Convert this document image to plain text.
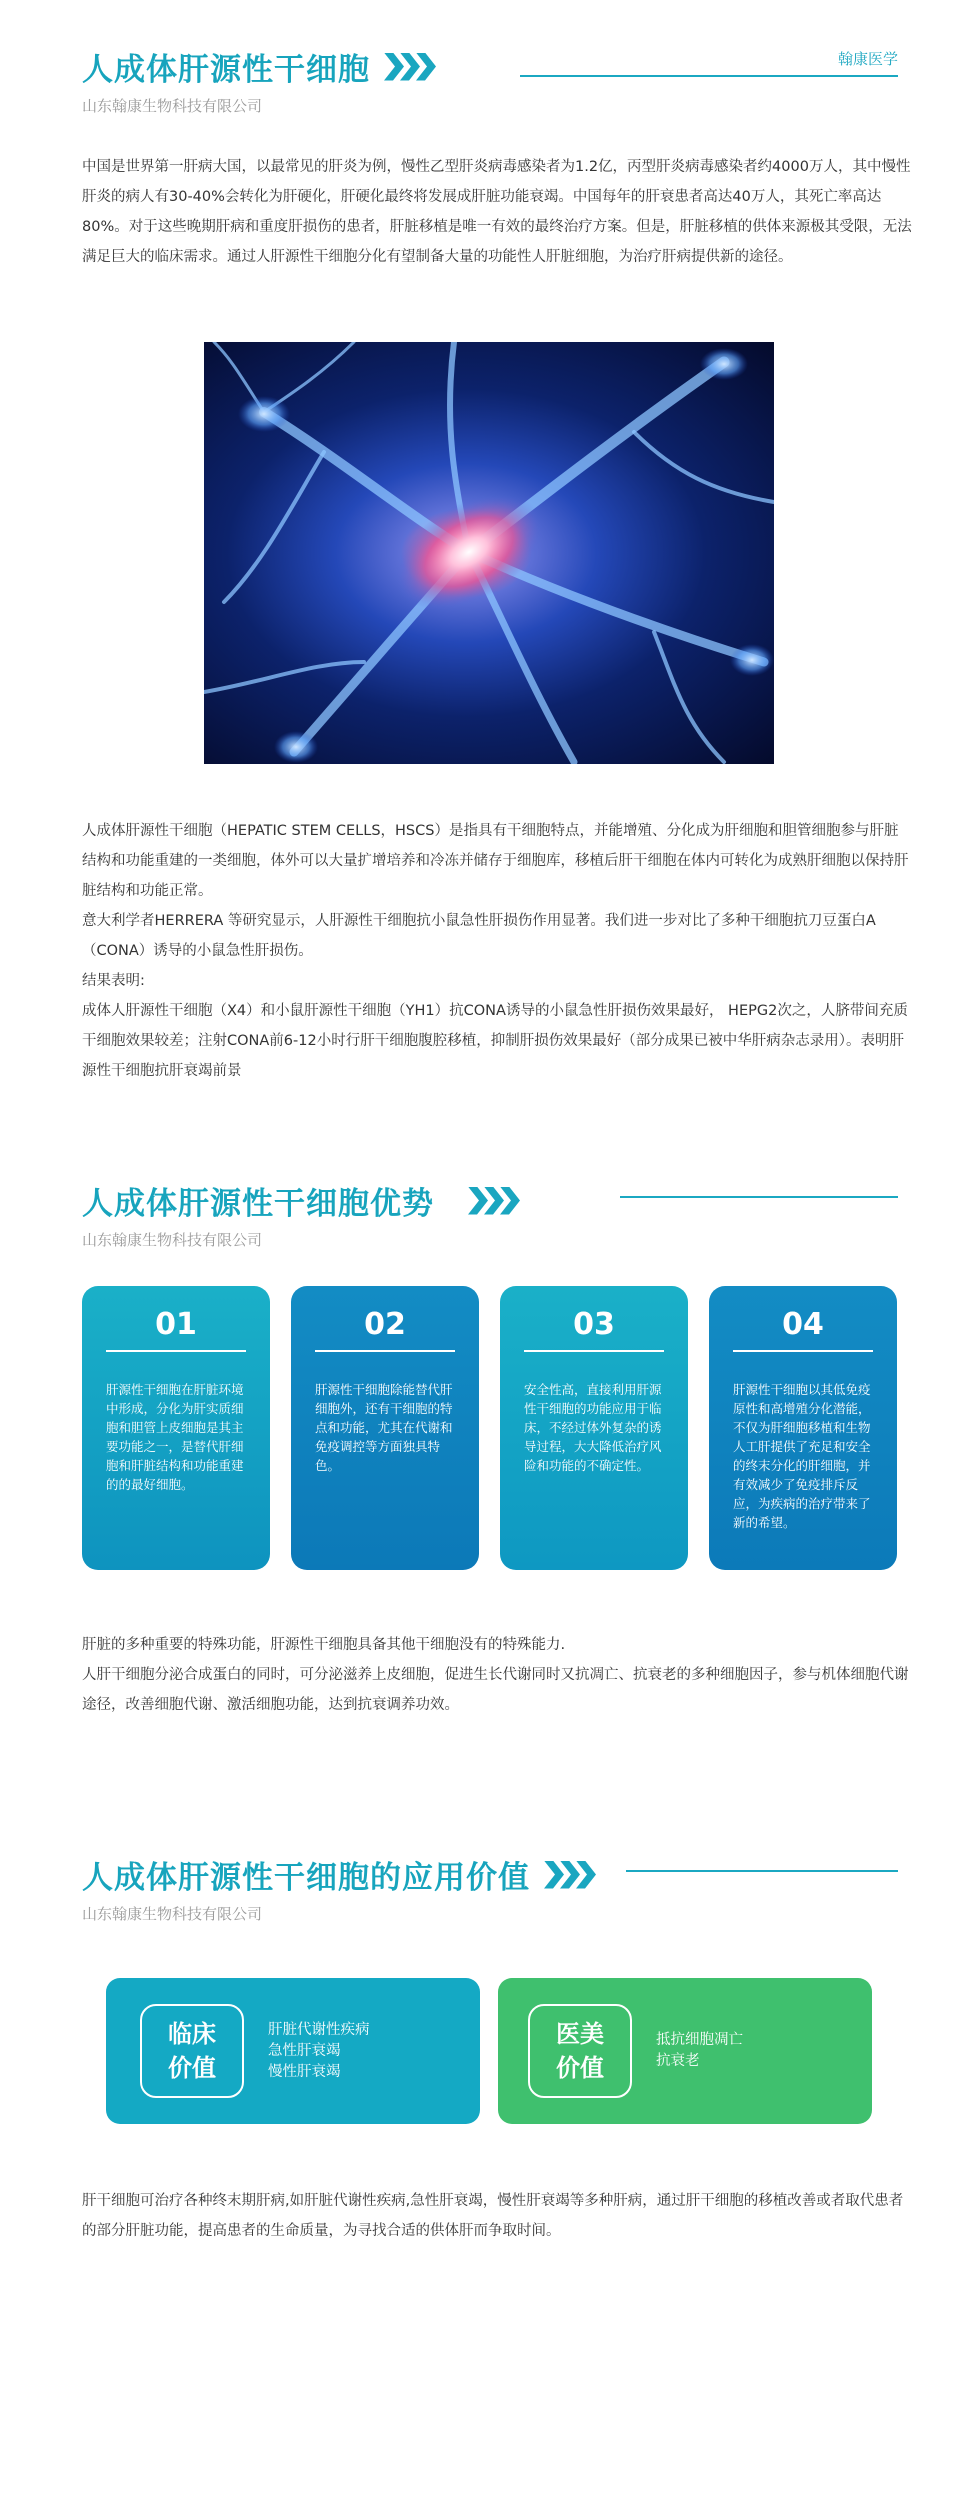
人成体肝源性干细胞
山东翰康生物科技有限公司
翰康医学
中国是世界第一肝病大国，以最常见的肝炎为例，慢性乙型肝炎病毒感染者为1.2亿，丙型肝炎病毒感染者约4000万人，其中慢性肝炎的病人有30-40%会转化为肝硬化，肝硬化最终将发展成肝脏功能衰竭。中国每年的肝衰患者高达40万人，其死亡率高达80%。对于这些晚期肝病和重度肝损伤的患者，肝脏移植是唯一有效的最终治疗方案。但是，肝脏移植的供体来源极其受限，无法满足巨大的临床需求。通过人肝源性干细胞分化有望制备大量的功能性人肝脏细胞，为治疗肝病提供新的途径。
人成体肝源性干细胞（HEPATIC STEM CELLS，HSCS）是指具有干细胞特点，并能增殖、分化成为肝细胞和胆管细胞参与肝脏结构和功能重建的一类细胞，体外可以大量扩增培养和冷冻并储存于细胞库，移植后肝干细胞在体内可转化为成熟肝细胞以保持肝脏结构和功能正常。
意大利学者HERRERA 等研究显示，人肝源性干细胞抗小鼠急性肝损伤作用显著。我们进一步对比了多种干细胞抗刀豆蛋白A（CONA）诱导的小鼠急性肝损伤。
结果表明:
成体人肝源性干细胞（X4）和小鼠肝源性干细胞（YH1）抗CONA诱导的小鼠急性肝损伤效果最好， HEPG2次之，人脐带间充质干细胞效果较差；注射CONA前6-12小时行肝干细胞腹腔移植，抑制肝损伤效果最好（部分成果已被中华肝病杂志录用）。表明肝源性干细胞抗肝衰竭前景
人成体肝源性干细胞优势
山东翰康生物科技有限公司
01
肝源性干细胞在肝脏环境中形成，分化为肝实质细胞和胆管上皮细胞是其主要功能之一，是替代肝细胞和肝脏结构和功能重建的的最好细胞。
02
肝源性干细胞除能替代肝细胞外，还有干细胞的特点和功能，尤其在代谢和免疫调控等方面独具特色。
03
安全性高，直接利用肝源性干细胞的功能应用于临床，不经过体外复杂的诱导过程，大大降低治疗风险和功能的不确定性。
04
肝源性干细胞以其低免疫原性和高增殖分化潜能，不仅为肝细胞移植和生物人工肝提供了充足和安全的终末分化的肝细胞，并有效减少了免疫排斥反应，为疾病的治疗带来了新的希望。
肝脏的多种重要的特殊功能，肝源性干细胞具备其他干细胞没有的特殊能力.
人肝干细胞分泌合成蛋白的同时，可分泌滋养上皮细胞，促进生长代谢同时又抗凋亡、抗衰老的多种细胞因子，参与机体细胞代谢途径，改善细胞代谢、激活细胞功能，达到抗衰调养功效。
人成体肝源性干细胞的应用价值
山东翰康生物科技有限公司
临床
价值
肝脏代谢性疾病
急性肝衰竭
慢性肝衰竭
医美
价值
抵抗细胞凋亡
抗衰老
肝干细胞可治疗各种终末期肝病,如肝脏代谢性疾病,急性肝衰竭，慢性肝衰竭等多种肝病，通过肝干细胞的移植改善或者取代患者的部分肝脏功能，提高患者的生命质量，为寻找合适的供体肝而争取时间。
